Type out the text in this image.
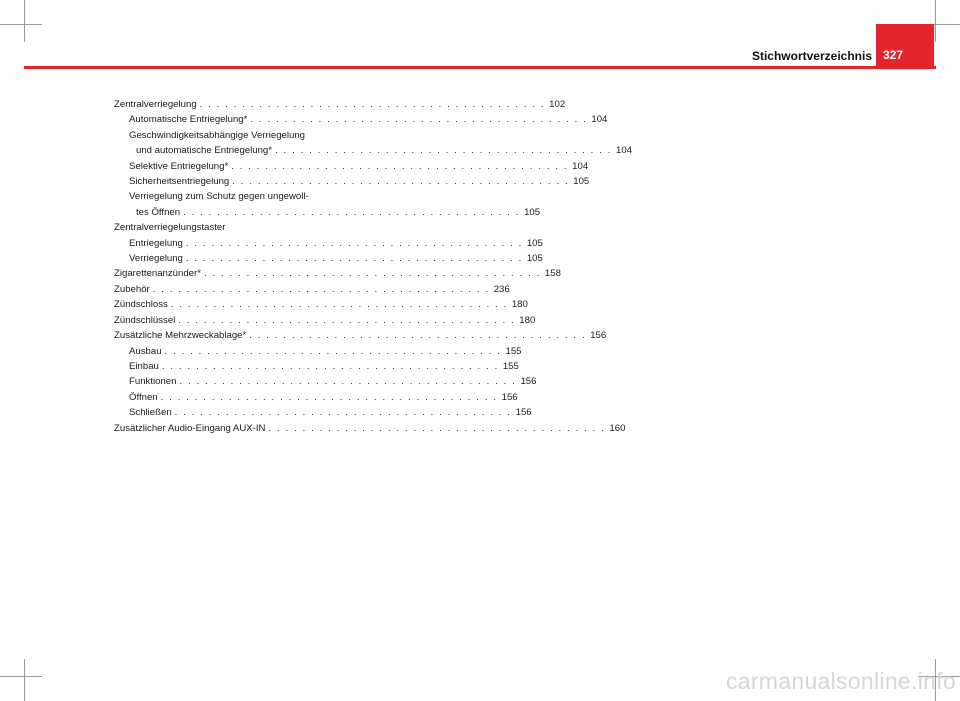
Stichwortverzeichnis 327
Zentralverriegelung . . . . . . . . . . . . . . . . . . . . . . . . . . . . . . . . . . . . . . . . . 102
Automatische Entriegelung* . . . . . . . . . . . . . . . . . . . . . . . . . . . . . . . . . . . . . . . . 104
Geschwindigkeitsabhängige Verriegelung
und automatische Entriegelung* . . . . . . . . . . . . . . . . . . . . . . . . . . . . . . . . . . . . . . . . 104
Selektive Entriegelung* . . . . . . . . . . . . . . . . . . . . . . . . . . . . . . . . . . . . . . . . 104
Sicherheitsentriegelung . . . . . . . . . . . . . . . . . . . . . . . . . . . . . . . . . . . . . . . . 105
Verriegelung zum Schutz gegen ungewoll-
tes Öffnen . . . . . . . . . . . . . . . . . . . . . . . . . . . . . . . . . . . . . . . . 105
Zentralverriegelungstaster
Entriegelung . . . . . . . . . . . . . . . . . . . . . . . . . . . . . . . . . . . . . . . . 105
Verriegelung . . . . . . . . . . . . . . . . . . . . . . . . . . . . . . . . . . . . . . . . 105
Zigarettenanzünder* . . . . . . . . . . . . . . . . . . . . . . . . . . . . . . . . . . . . . . . . 158
Zubehör . . . . . . . . . . . . . . . . . . . . . . . . . . . . . . . . . . . . . . . . 236
Zündschloss . . . . . . . . . . . . . . . . . . . . . . . . . . . . . . . . . . . . . . . . 180
Zündschlüssel . . . . . . . . . . . . . . . . . . . . . . . . . . . . . . . . . . . . . . . . 180
Zusätzliche Mehrzweckablage* . . . . . . . . . . . . . . . . . . . . . . . . . . . . . . . . . . . . . . . . 156
Ausbau . . . . . . . . . . . . . . . . . . . . . . . . . . . . . . . . . . . . . . . . 155
Einbau . . . . . . . . . . . . . . . . . . . . . . . . . . . . . . . . . . . . . . . . 155
Funktionen . . . . . . . . . . . . . . . . . . . . . . . . . . . . . . . . . . . . . . . . 156
Öffnen . . . . . . . . . . . . . . . . . . . . . . . . . . . . . . . . . . . . . . . . 156
Schließen . . . . . . . . . . . . . . . . . . . . . . . . . . . . . . . . . . . . . . . . 156
Zusätzlicher Audio-Eingang AUX-IN . . . . . . . . . . . . . . . . . . . . . . . . . . . . . . . . . . . . . . . . 160
carmanualsonline.info
